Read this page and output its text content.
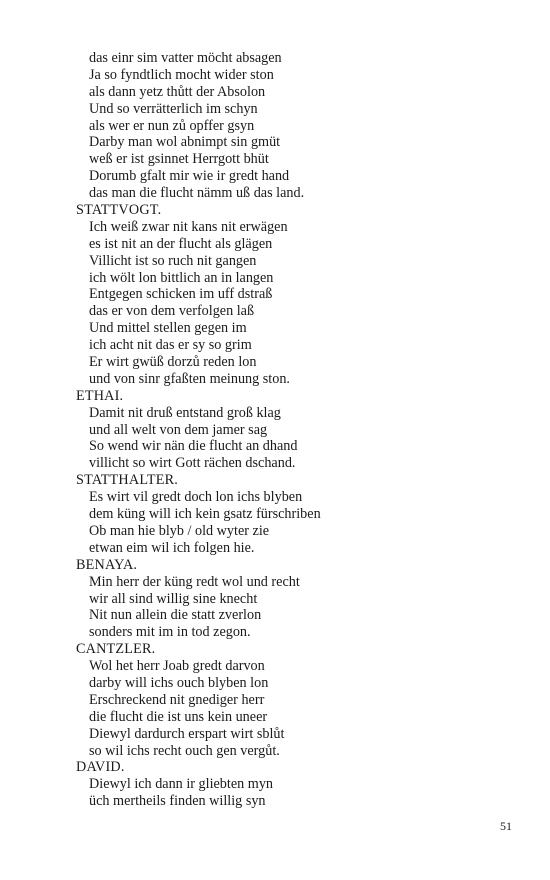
das einr sim vatter möcht absagen
Ja so fyndtlich mocht wider ston
als dann yetz thůtt der Absolon
Und so verrätterlich im schyn
als wer er nun zů opffer gsyn
Darby man wol abnimpt sin gmüt
weß er ist gsinnet Herrgott bhüt
Dorumb gfalt mir wie ir gredt hand
das man die flucht nämm uß das land.
STATTVOGT.
Ich weiß zwar nit kans nit erwägen
es ist nit an der flucht als glägen
Villicht ist so ruch nit gangen
ich wölt lon bittlich an in langen
Entgegen schicken im uff dstraß
das er von dem verfolgen laß
Und mittel stellen gegen im
ich acht nit das er sy so grim
Er wirt gwüß dorzů reden lon
und von sinr gfaßten meinung ston.
ETHAI.
Damit nit druß entstand groß klag
und all welt von dem jamer sag
So wend wir nän die flucht an dhand
villicht so wirt Gott rächen dschand.
STATTHALTER.
Es wirt vil gredt doch lon ichs blyben
dem küng will ich kein gsatz fürschriben
Ob man hie blyb / old wyter zie
etwan eim wil ich folgen hie.
BENAYA.
Min herr der küng redt wol und recht
wir all sind willig sine knecht
Nit nun allein die statt zverlon
sonders mit im in tod zegon.
CANTZLER.
Wol het herr Joab gredt darvon
darby will ichs ouch blyben lon
Erschreckend nit gnediger herr
die flucht die ist uns kein uneer
Diewyl dardurch erspart wirt sblůt
so wil ichs recht ouch gen vergůt.
DAVID.
Diewyl ich dann ir gliebten myn
üch mertheils finden willig syn
51
